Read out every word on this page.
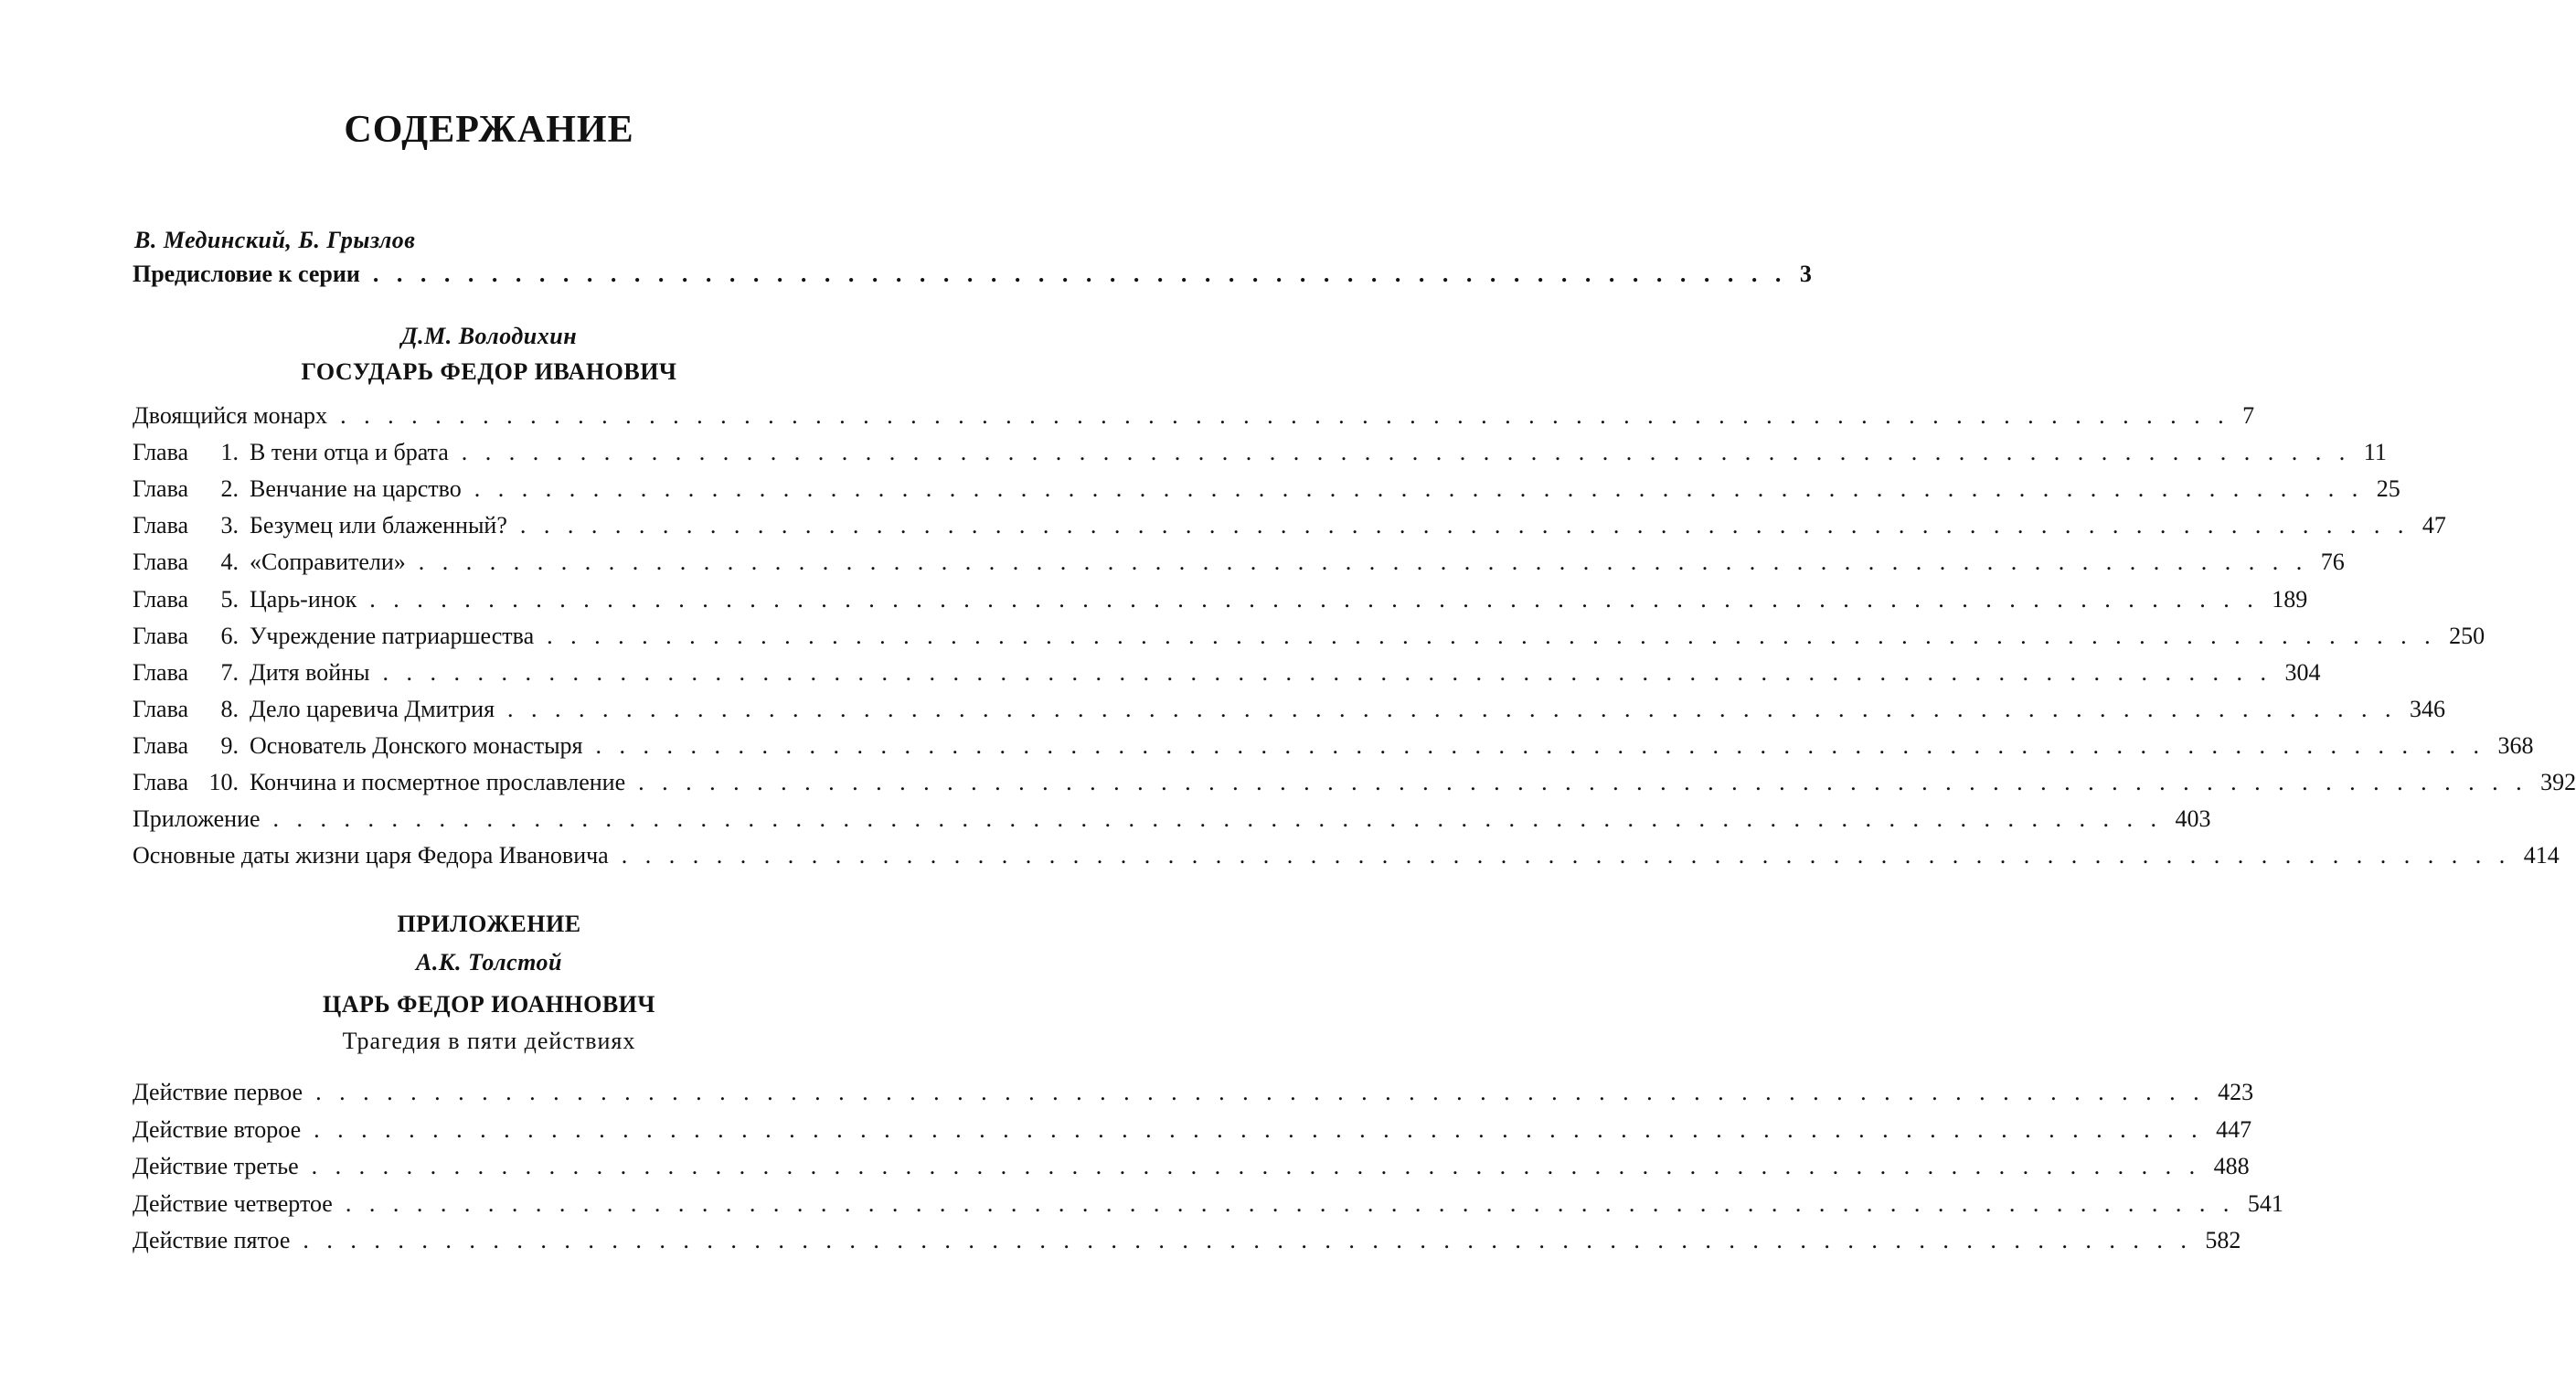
СОДЕРЖАНИЕ
В. Мединский, Б. Грызлов
Предисловие к серии . . . . . . . . . . . . . . . . . . . . . . . . . . . . . . . . . . . . . . . . . . . . . . . . . . . . . . . . . . . . 3
Д.М. Володихин
ГОСУДАРЬ ФЕДОР ИВАНОВИЧ
Двоящийся монарх . . . . . . . . . . . . . . . . . . . . . . . . . . . . . . . . . . . . . . . . . . . . . . . . . . . . . . . . . . . . . . . . . . . . . . . . . . . . . . . . 7
Глава 1. В тени отца и брата . . . . . . . . . . . . . . . . . . . . . . . . . . . . . . . . . . . . . . . . . . . . . . . . . . . . . . . . . . . . . . . . . . . . . . . . . . . . . . . . 11
Глава 2. Венчание на царство . . . . . . . . . . . . . . . . . . . . . . . . . . . . . . . . . . . . . . . . . . . . . . . . . . . . . . . . . . . . . . . . . . . . . . . . . . . . . . . . 25
Глава 3. Безумец или блаженный? . . . . . . . . . . . . . . . . . . . . . . . . . . . . . . . . . . . . . . . . . . . . . . . . . . . . . . . . . . . . . . . . . . . . . . . . . . . . . . . . 47
Глава 4. «Соправители» . . . . . . . . . . . . . . . . . . . . . . . . . . . . . . . . . . . . . . . . . . . . . . . . . . . . . . . . . . . . . . . . . . . . . . . . . . . . . . . . 76
Глава 5. Царь-инок . . . . . . . . . . . . . . . . . . . . . . . . . . . . . . . . . . . . . . . . . . . . . . . . . . . . . . . . . . . . . . . . . . . . . . . . . . . . . . . . 189
Глава 6. Учреждение патриаршества . . . . . . . . . . . . . . . . . . . . . . . . . . . . . . . . . . . . . . . . . . . . . . . . . . . . . . . . . . . . . . . . . . . . . . . . . . . . . . . . 250
Глава 7. Дитя войны . . . . . . . . . . . . . . . . . . . . . . . . . . . . . . . . . . . . . . . . . . . . . . . . . . . . . . . . . . . . . . . . . . . . . . . . . . . . . . . . 304
Глава 8. Дело царевича Дмитрия . . . . . . . . . . . . . . . . . . . . . . . . . . . . . . . . . . . . . . . . . . . . . . . . . . . . . . . . . . . . . . . . . . . . . . . . . . . . . . . . 346
Глава 9. Основатель Донского монастыря . . . . . . . . . . . . . . . . . . . . . . . . . . . . . . . . . . . . . . . . . . . . . . . . . . . . . . . . . . . . . . . . . . . . . . . . . . . . . . . . 368
Глава 10. Кончина и посмертное прославление . . . . . . . . . . . . . . . . . . . . . . . . . . . . . . . . . . . . . . . . . . . . . . . . . . . . . . . . . . . . . . . . . . . . . . . . . . . . . . . . 392
Приложение . . . . . . . . . . . . . . . . . . . . . . . . . . . . . . . . . . . . . . . . . . . . . . . . . . . . . . . . . . . . . . . . . . . . . . . . . . . . . . . . 403
Основные даты жизни царя Федора Ивановича . . . . . . . . . . . . . . . . . . . . . . . . . . . . . . . . . . . . . . . . . . . . . . . . . . . . . . . . . . . . . . . . . . . . . . . . . . . . . . . . 414
ПРИЛОЖЕНИЕ
А.К. Толстой
ЦАРЬ ФЕДОР ИОАННОВИЧ
Трагедия в пяти действиях
Действие первое . . . . . . . . . . . . . . . . . . . . . . . . . . . . . . . . . . . . . . . . . . . . . . . . . . . . . . . . . . . . . . . . . . . . . . . . . . . . . . . . 423
Действие второе . . . . . . . . . . . . . . . . . . . . . . . . . . . . . . . . . . . . . . . . . . . . . . . . . . . . . . . . . . . . . . . . . . . . . . . . . . . . . . . . 447
Действие третье . . . . . . . . . . . . . . . . . . . . . . . . . . . . . . . . . . . . . . . . . . . . . . . . . . . . . . . . . . . . . . . . . . . . . . . . . . . . . . . . 488
Действие четвертое . . . . . . . . . . . . . . . . . . . . . . . . . . . . . . . . . . . . . . . . . . . . . . . . . . . . . . . . . . . . . . . . . . . . . . . . . . . . . . . . 541
Действие пятое . . . . . . . . . . . . . . . . . . . . . . . . . . . . . . . . . . . . . . . . . . . . . . . . . . . . . . . . . . . . . . . . . . . . . . . . . . . . . . . . 582
